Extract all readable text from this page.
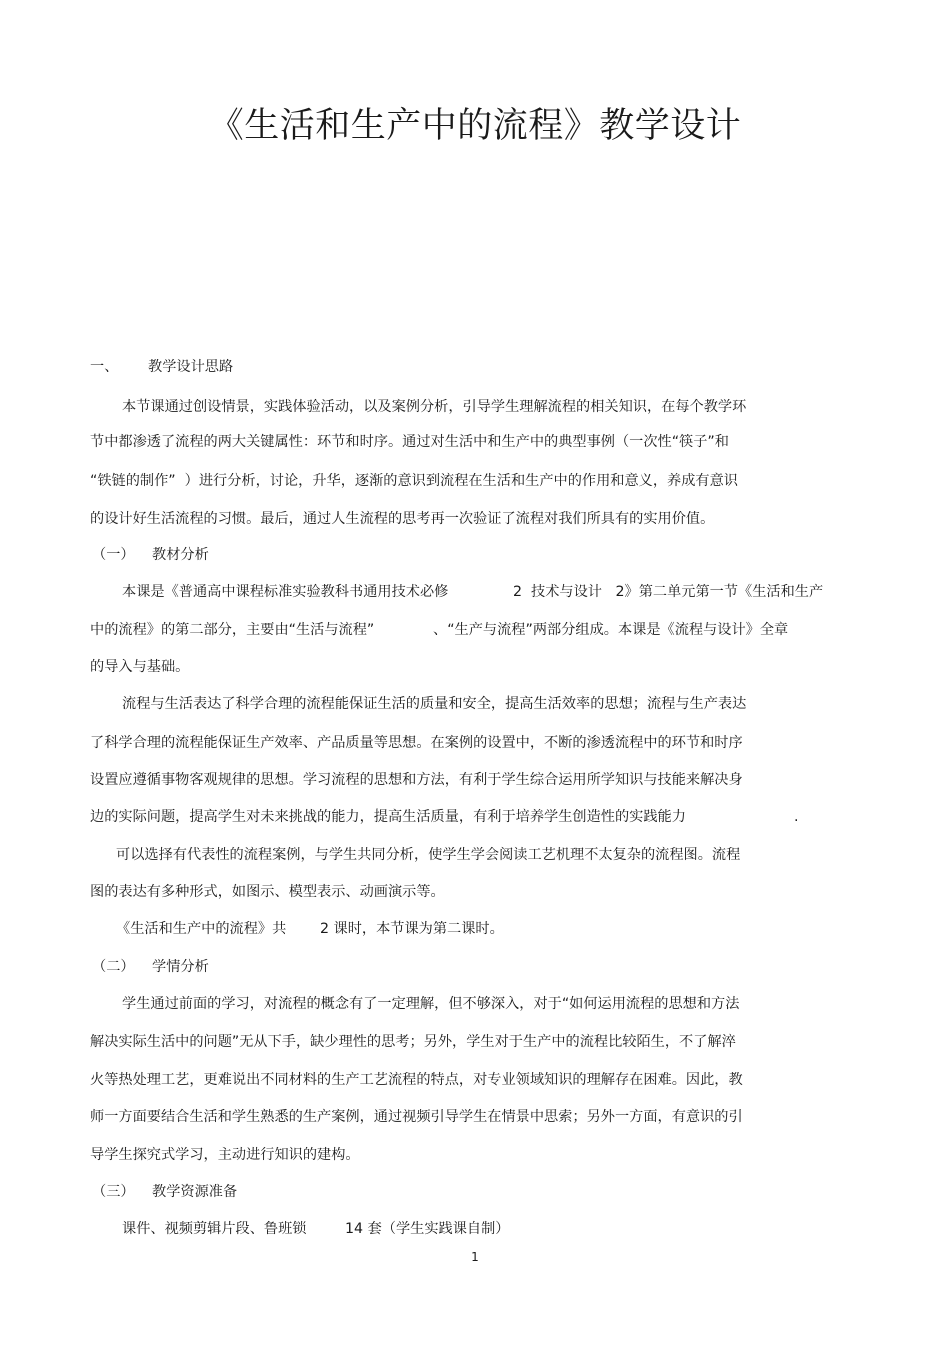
《生活和生产中的流程》教学设计
一、 教学设计思路
本节课通过创设情景，实践体验活动，以及案例分析，引导学生理解流程的相关知识，在每个教学环
节中都渗透了流程的两大关键属性：环节和时序。通过对生活中和生产中的典型事例（一次性“筷子”和
“铁链的制作”  ）进行分析，讨论，升华，逐渐的意识到流程在生活和生产中的作用和意义，养成有意识
的设计好生活流程的习惯。最后，通过人生流程的思考再一次验证了流程对我们所具有的实用价值。
（一） 教材分析
本课是《普通高中课程标准实验教科书通用技术必修	2  技术与设计   2》第二单元第一节《生活和生产
中的流程》的第二部分，主要由“生活与流程”	、“生产与流程”两部分组成。本课是《流程与设计》全章
的导入与基础。
流程与生活表达了科学合理的流程能保证生活的质量和安全，提高生活效率的思想；流程与生产表达
了科学合理的流程能保证生产效率、产品质量等思想。在案例的设置中，不断的渗透流程中的环节和时序
设置应遵循事物客观规律的思想。学习流程的思想和方法，有利于学生综合运用所学知识与技能来解决身
边的实际问题，提高学生对未来挑战的能力，提高生活质量，有利于培养学生创造性的实践能力	.
可以选择有代表性的流程案例，与学生共同分析，使学生学会阅读工艺机理不太复杂的流程图。流程
图的表达有多种形式，如图示、模型表示、动画演示等。
《生活和生产中的流程》共 2 课时，本节课为第二课时。
（二） 学情分析
学生通过前面的学习，对流程的概念有了一定理解，但不够深入，对于“如何运用流程的思想和方法
解决实际生活中的问题”无从下手，缺少理性的思考；另外，学生对于生产中的流程比较陌生，不了解淬
火等热处理工艺，更难说出不同材料的生产工艺流程的特点，对专业领域知识的理解存在困难。因此，教
师一方面要结合生活和学生熟悉的生产案例，通过视频引导学生在情景中思索；另外一方面，有意识的引
导学生探究式学习，主动进行知识的建构。
（三） 教学资源准备
课件、视频剪辑片段、鲁班锁	14 套（学生实践课自制）
1
